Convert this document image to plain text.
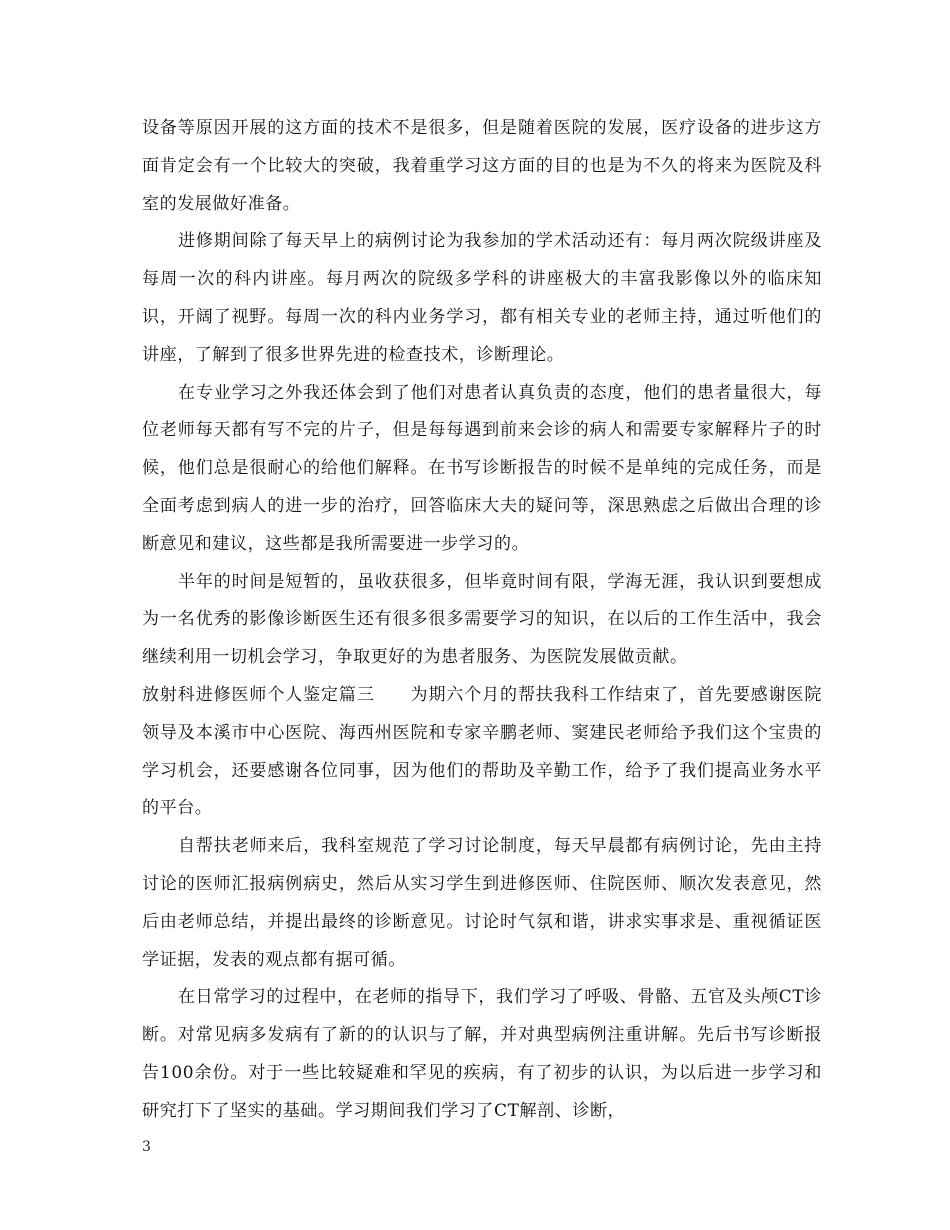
设备等原因开展的这方面的技术不是很多，但是随着医院的发展，医疗设备的进步这方面肯定会有一个比较大的突破，我着重学习这方面的目的也是为不久的将来为医院及科室的发展做好准备。

进修期间除了每天早上的病例讨论为我参加的学术活动还有：每月两次院级讲座及每周一次的科内讲座。每月两次的院级多学科的讲座极大的丰富我影像以外的临床知识，开阔了视野。每周一次的科内业务学习，都有相关专业的老师主持，通过听他们的讲座，了解到了很多世界先进的检查技术，诊断理论。

在专业学习之外我还体会到了他们对患者认真负责的态度，他们的患者量很大，每位老师每天都有写不完的片子，但是每每遇到前来会诊的病人和需要专家解释片子的时候，他们总是很耐心的给他们解释。在书写诊断报告的时候不是单纯的完成任务，而是全面考虑到病人的进一步的治疗，回答临床大夫的疑问等，深思熟虑之后做出合理的诊断意见和建议，这些都是我所需要进一步学习的。

半年的时间是短暂的，虽收获很多，但毕竟时间有限，学海无涯，我认识到要想成为一名优秀的影像诊断医生还有很多很多需要学习的知识，在以后的工作生活中，我会继续利用一切机会学习，争取更好的为患者服务、为医院发展做贡献。

放射科进修医师个人鉴定篇三　　 为期六个月的帮扶我科工作结束了，首先要感谢医院领导及本溪市中心医院、海西州医院和专家辛鹏老师、窦建民老师给予我们这个宝贵的学习机会，还要感谢各位同事，因为他们的帮助及辛勤工作，给予了我们提高业务水平的平台。

自帮扶老师来后，我科室规范了学习讨论制度，每天早晨都有病例讨论，先由主持讨论的医师汇报病例病史，然后从实习学生到进修医师、住院医师、顺次发表意见，然后由老师总结，并提出最终的诊断意见。讨论时气氛和谐，讲求实事求是、重视循证医学证据，发表的观点都有据可循。

在日常学习的过程中，在老师的指导下，我们学习了呼吸、骨骼、五官及头颅CT诊断。对常见病多发病有了新的的认识与了解，并对典型病例注重讲解。先后书写诊断报告100余份。对于一些比较疑难和罕见的疾病，有了初步的认识，为以后进一步学习和研究打下了坚实的基础。学习期间我们学习了CT解剖、诊断，

3
